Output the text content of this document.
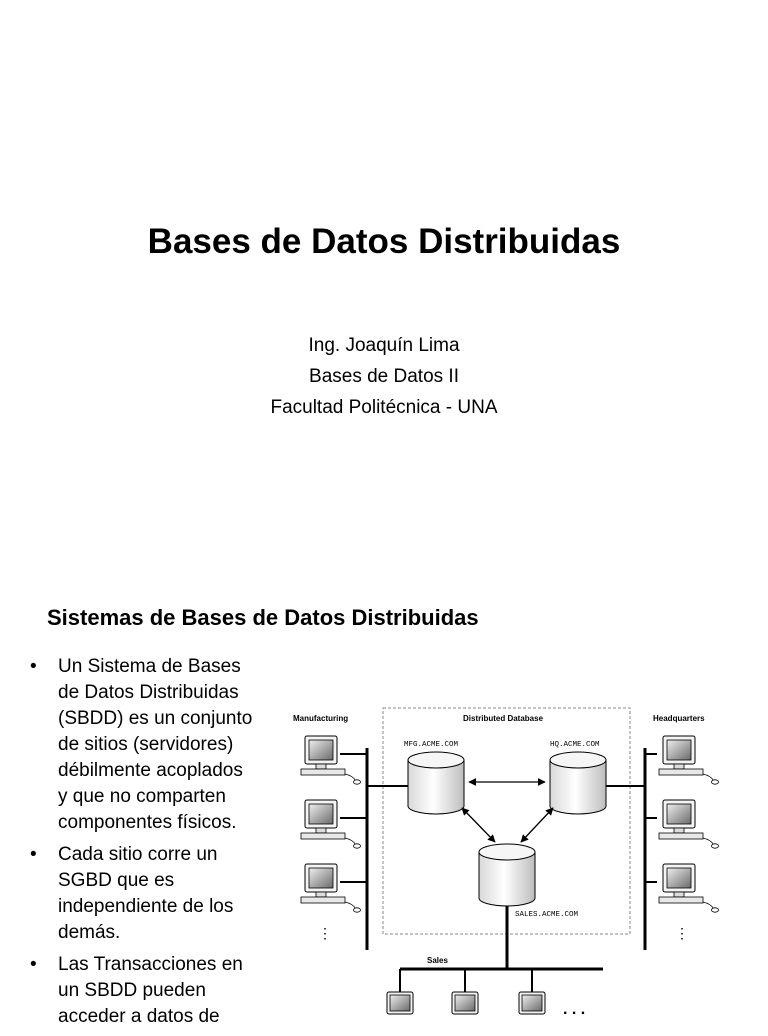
Bases de Datos Distribuidas
Ing. Joaquín Lima
Bases de Datos II
Facultad Politécnica - UNA
Sistemas de Bases de Datos Distribuidas
• Un Sistema de Bases
de Datos Distribuidas
(SBDD) es un conjunto
de sitios (servidores)
débilmente acoplados
y que no comparten
componentes físicos.
• Cada sitio corre un
SGBD que es
independiente de los
demás.
• Las Transacciones en
un SBDD pueden
acceder a datos de
Manufacturing	Distributed Database	Headquarters
Sales
MFG.ACME.COM	HQ.ACME.COM
SALES.ACME.COM
⋮	⋮
. . .
